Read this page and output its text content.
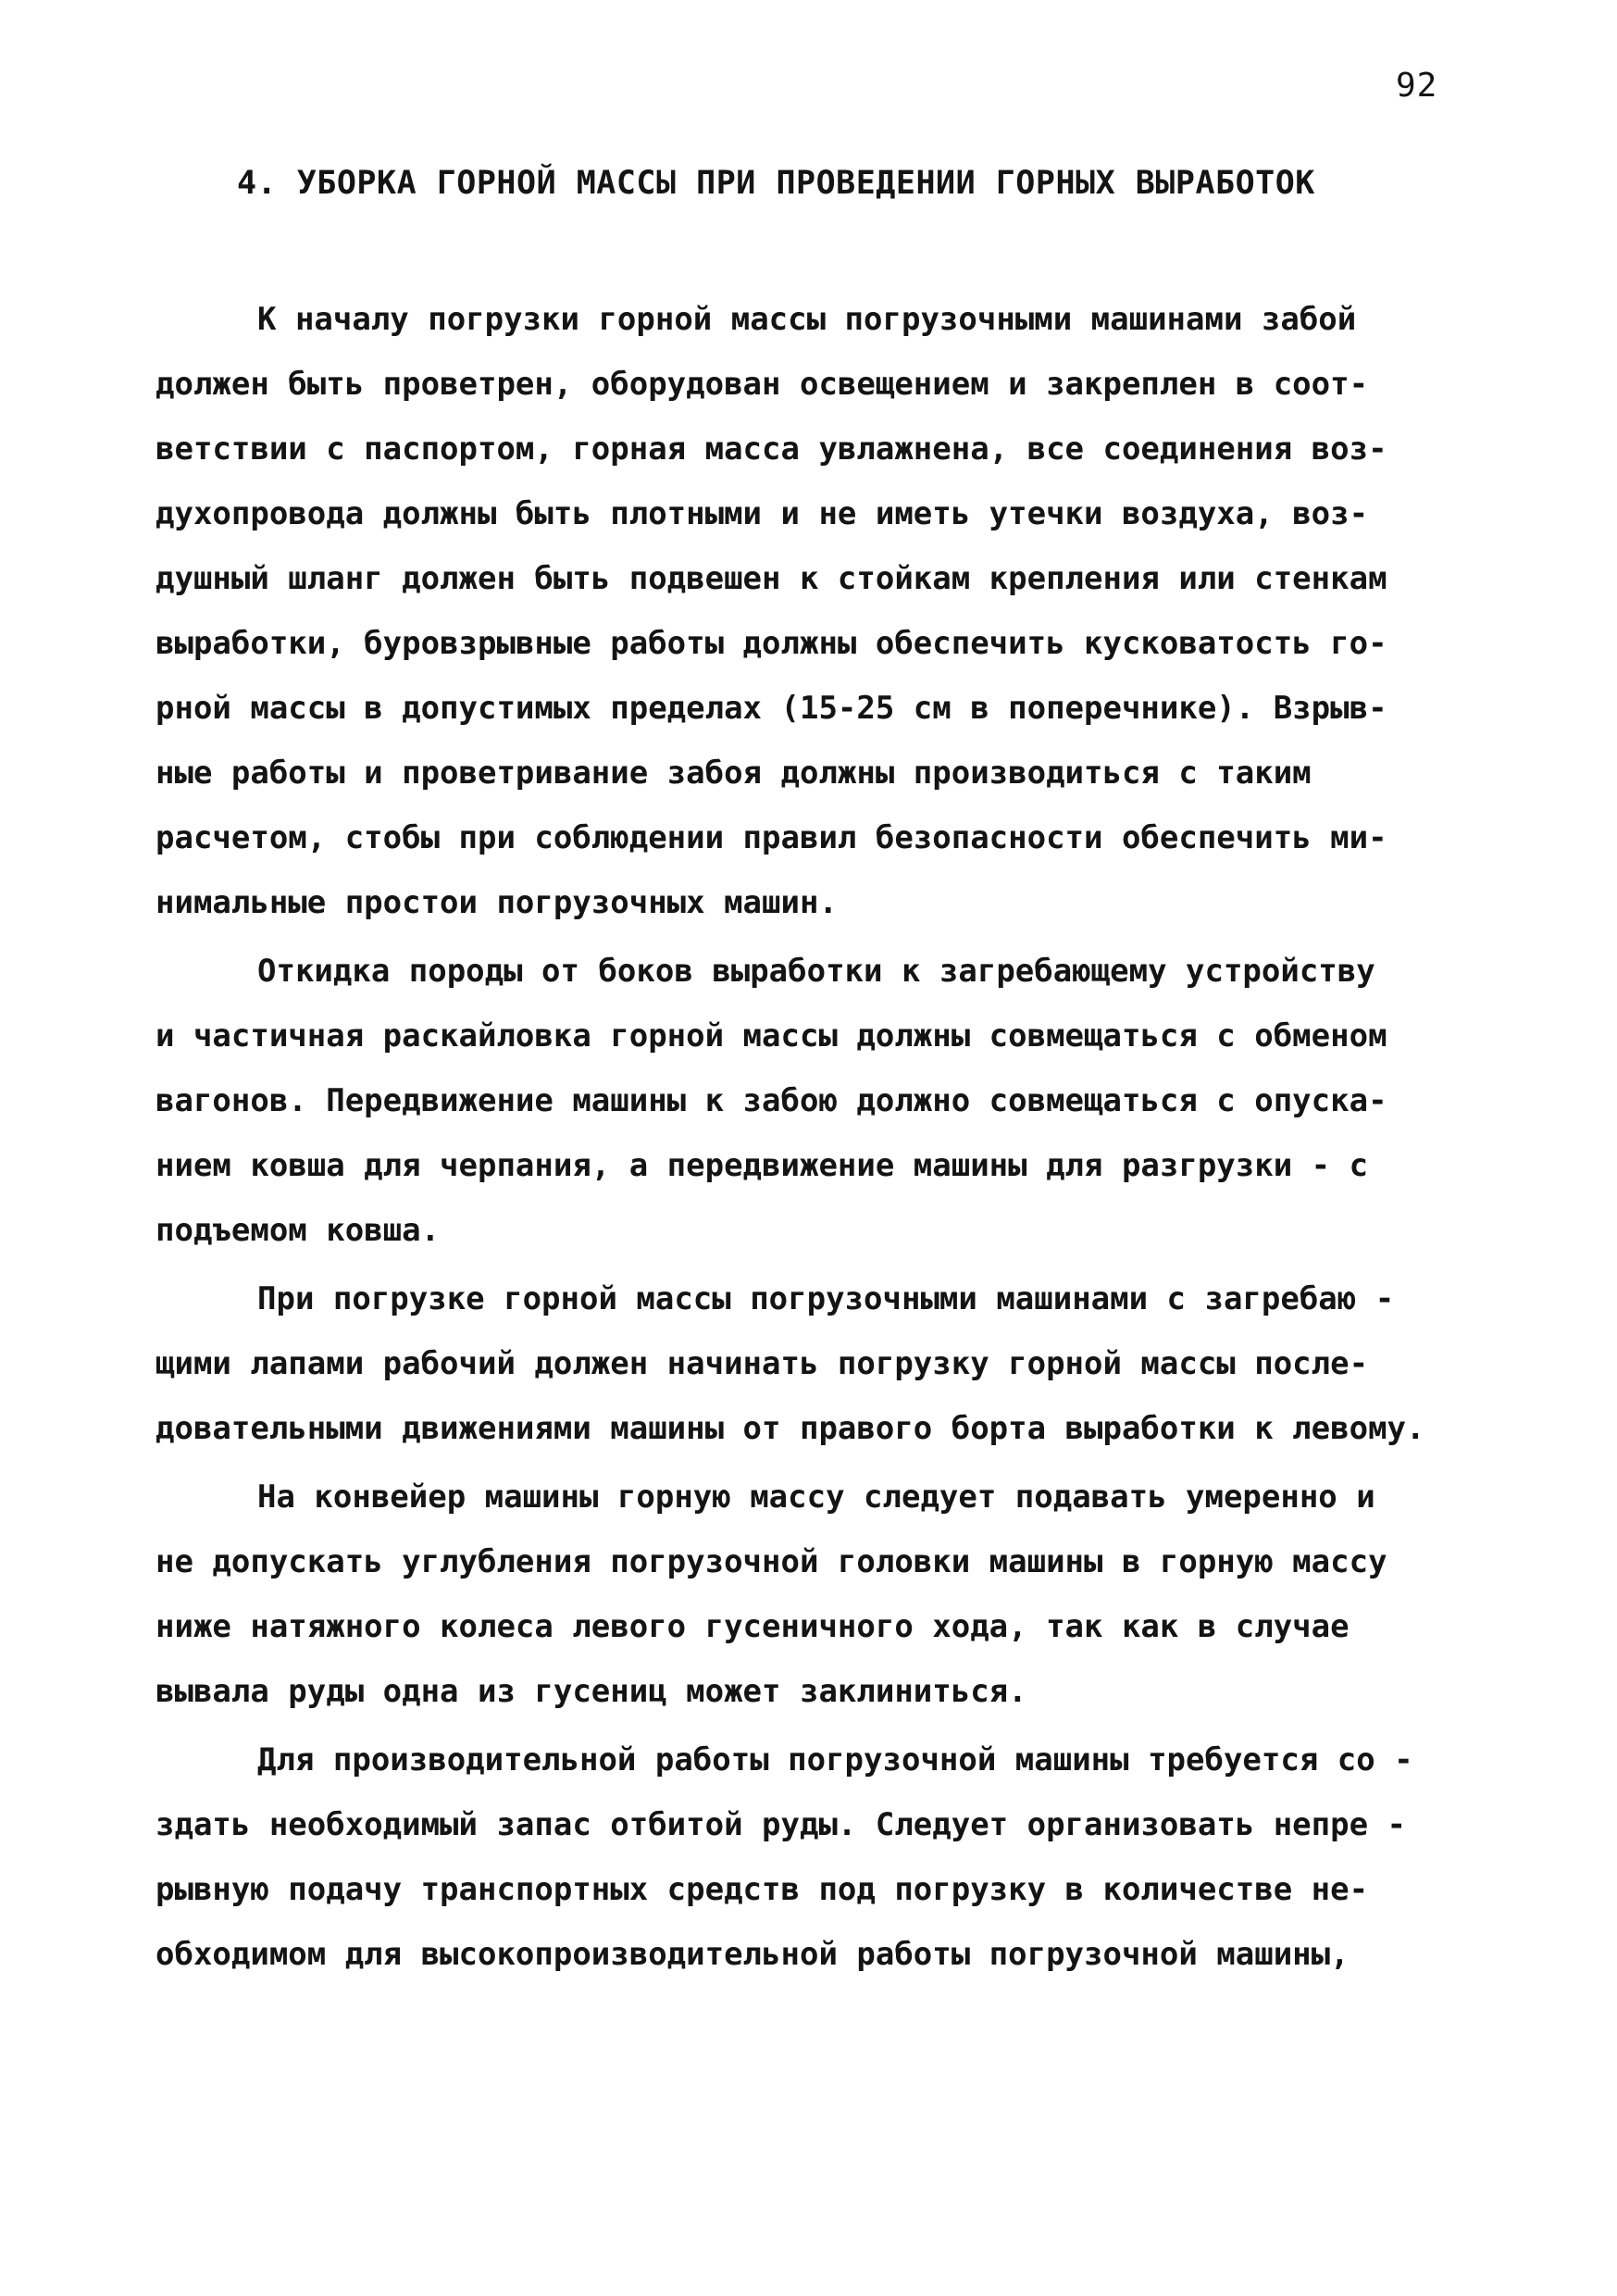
92
4. УБОРКА ГОРНОЙ МАССЫ ПРИ ПРОВЕДЕНИИ ГОРНЫХ ВЫРАБОТОК
К началу погрузки горной массы погрузочными машинами забой
должен быть проветрен, оборудован освещением и закреплен в соот-
ветствии с паспортом, горная масса увлажнена, все соединения воз-
духопровода должны быть плотными и не иметь утечки воздуха, воз-
душный шланг должен быть подвешен к стойкам крепления или стенкам
выработки, буровзрывные работы должны обеспечить кусковатость го-
рной массы в допустимых пределах (15-25 см в поперечнике). Взрыв-
ные работы и проветривание забоя должны производиться с таким
расчетом, стобы при соблюдении правил безопасности обеспечить ми-
нимальные простои погрузочных машин.
Откидка породы от боков выработки к загребающему устройству
и частичная раскайловка горной массы должны совмещаться с обменом
вагонов. Передвижение машины к забою должно совмещаться с опуска-
нием ковша для черпания, а передвижение машины для разгрузки - с
подъемом ковша.
При погрузке горной массы погрузочными машинами с загребаю -
щими лапами рабочий должен начинать погрузку горной массы после-
довательными движениями машины от правого борта выработки к левому.
На конвейер машины горную массу следует подавать умеренно и
не допускать углубления погрузочной головки машины в горную массу
ниже натяжного колеса левого гусеничного хода, так как в случае
вывала руды одна из гусениц может заклиниться.
Для производительной работы погрузочной машины требуется со -
здать необходимый запас отбитой руды. Следует организовать непре -
рывную подачу транспортных средств под погрузку в количестве не-
обходимом для высокопроизводительной работы погрузочной машины,
